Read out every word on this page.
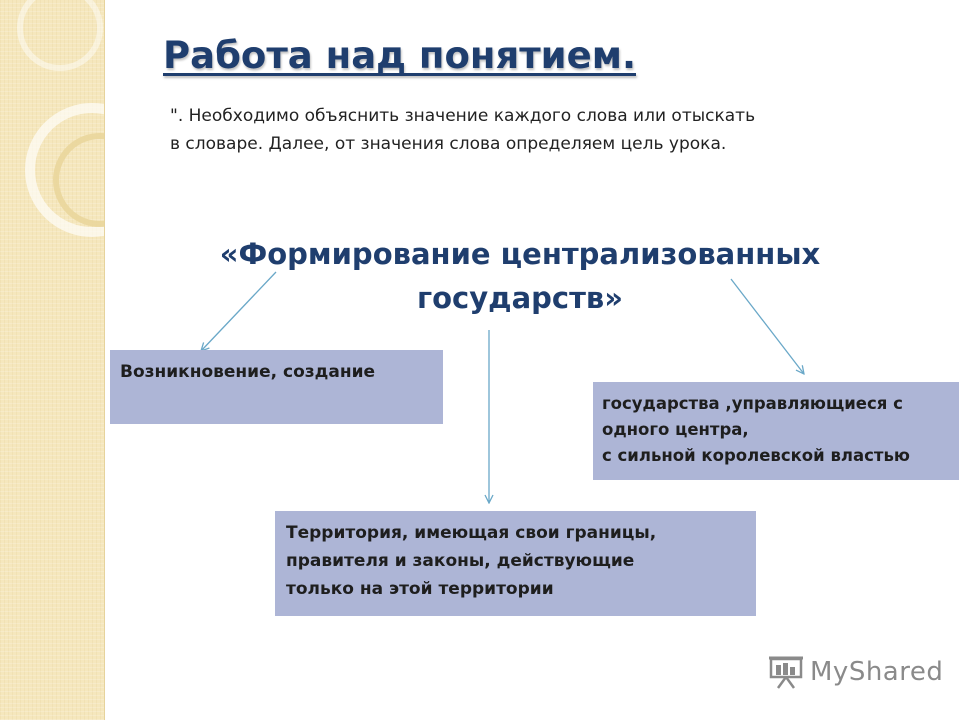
Работа над понятием.

". Необходимо объяснить значение каждого слова или отыскать
в словаре. Далее, от значения слова определяем цель урока.

«Формирование централизованных
государств»

Возникновение, создание
государства ,управляющиеся с
одного центра,
с сильной королевской властью
Территория, имеющая свои границы,
правителя и законы, действующие
только на этой территории
MyShared
